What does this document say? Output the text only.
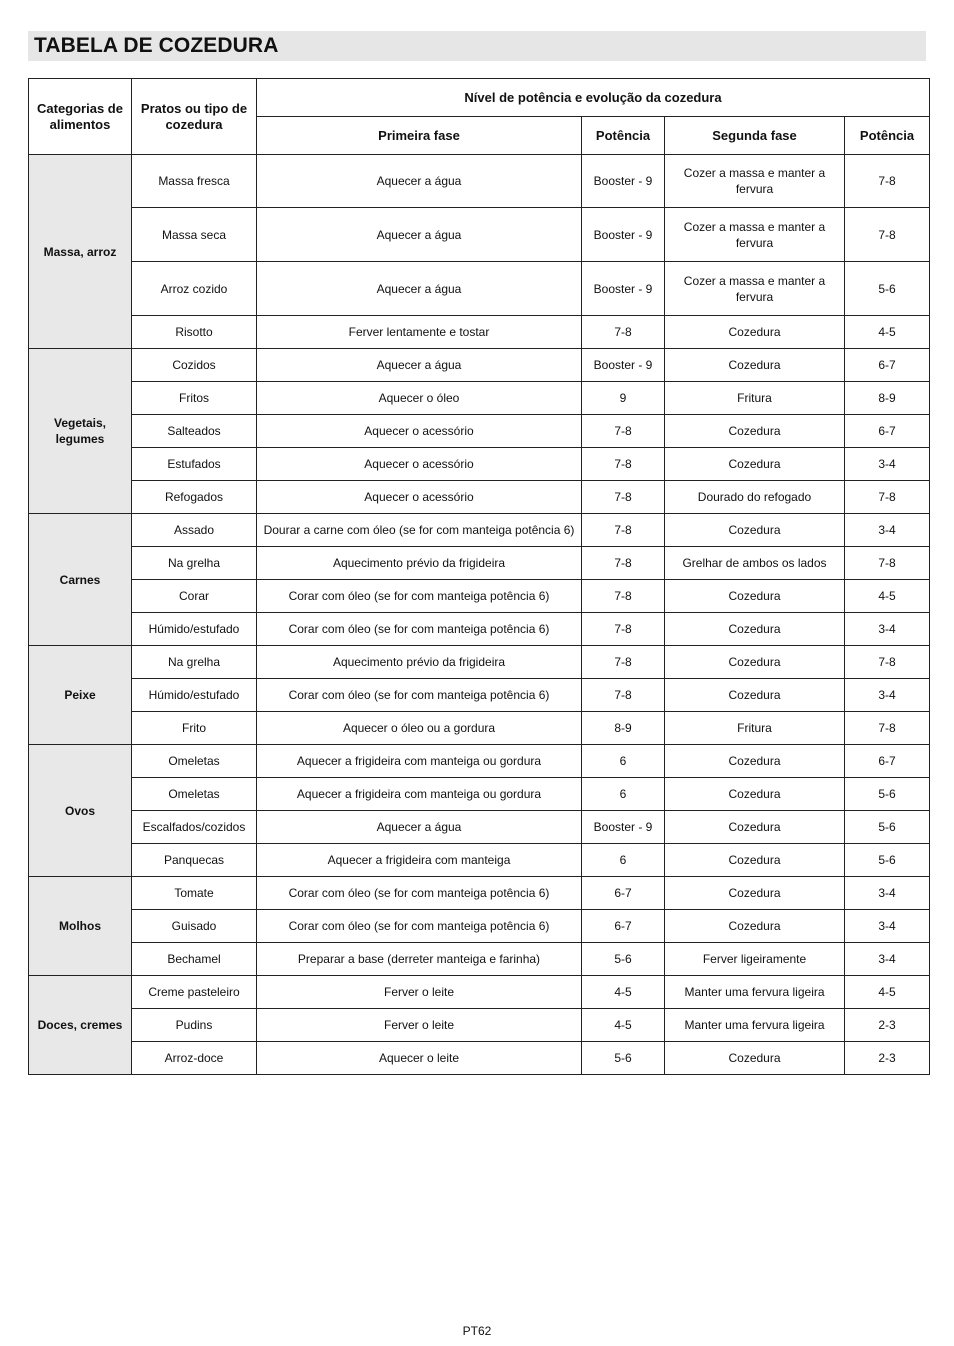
TABELA DE COZEDURA
Categorias de alimentos	Pratos ou tipo de cozedura	Nível de potência e evolução da cozedura			
		Primeira fase	Potência	Segunda fase	Potência
Massa, arroz	Massa fresca	Aquecer a água	Booster - 9	Cozer a massa e manter a fervura	7-8
	Massa seca	Aquecer a água	Booster - 9	Cozer a massa e manter a fervura	7-8
	Arroz cozido	Aquecer a água	Booster - 9	Cozer a massa e manter a fervura	5-6
	Risotto	Ferver lentamente e tostar	7-8	Cozedura	4-5
Vegetais, legumes	Cozidos	Aquecer a água	Booster - 9	Cozedura	6-7
	Fritos	Aquecer o óleo	9	Fritura	8-9
	Salteados	Aquecer o acessório	7-8	Cozedura	6-7
	Estufados	Aquecer o acessório	7-8	Cozedura	3-4
	Refogados	Aquecer o acessório	7-8	Dourado do refogado	7-8
Carnes	Assado	Dourar a carne com óleo (se for com manteiga potência 6)	7-8	Cozedura	3-4
	Na grelha	Aquecimento prévio da frigideira	7-8	Grelhar de ambos os lados	7-8
	Corar	Corar com óleo (se for com manteiga potência 6)	7-8	Cozedura	4-5
	Húmido/estufado	Corar com óleo (se for com manteiga potência 6)	7-8	Cozedura	3-4
Peixe	Na grelha	Aquecimento prévio da frigideira	7-8	Cozedura	7-8
	Húmido/estufado	Corar com óleo (se for com manteiga potência 6)	7-8	Cozedura	3-4
	Frito	Aquecer o óleo ou a gordura	8-9	Fritura	7-8
Ovos	Omeletas	Aquecer a frigideira com manteiga ou gordura	6	Cozedura	6-7
	Omeletas	Aquecer a frigideira com manteiga ou gordura	6	Cozedura	5-6
	Escalfados/cozidos	Aquecer a água	Booster - 9	Cozedura	5-6
	Panquecas	Aquecer a frigideira com manteiga	6	Cozedura	5-6
Molhos	Tomate	Corar com óleo (se for com manteiga potência 6)	6-7	Cozedura	3-4
	Guisado	Corar com óleo (se for com manteiga potência 6)	6-7	Cozedura	3-4
	Bechamel	Preparar a base (derreter manteiga e farinha)	5-6	Ferver ligeiramente	3-4
Doces, cremes	Creme pasteleiro	Ferver o leite	4-5	Manter uma fervura ligeira	4-5
	Pudins	Ferver o leite	4-5	Manter uma fervura ligeira	2-3
	Arroz-doce	Aquecer o leite	5-6	Cozedura	2-3
PT62
